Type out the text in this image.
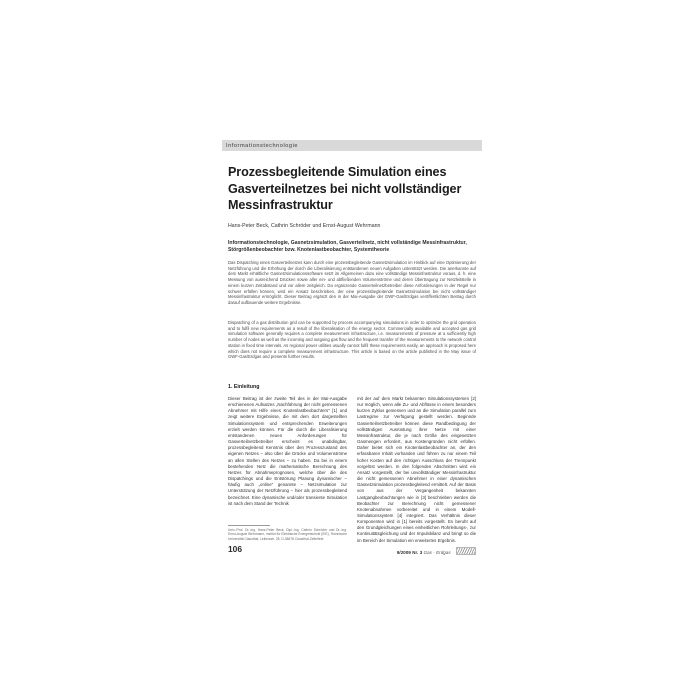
Informationstechnologie
Prozessbegleitende Simulation eines
Gasverteilnetzes bei nicht vollständiger
Messinfrastruktur
Hans-Peter Beck, Cathrin Schröder und Ernst-August Wehrmann
Informationstechnologie, Gasnetzsimulation, Gasverteilnetz, nicht vollständige Messinfrastruktur, Störgrößenbeobachter bzw. Knotenlastbeobachter, Systemtheorie
Das Dispatching eines Gasverteilnetzes kann durch eine prozessbegleitende Gasnetzsimulation im Hinblick auf eine Optimierung der Netzführung und die Erhöhung der durch die Liberalisierung entstandenen neuen Aufgaben unterstützt werden. Die anerkannte auf dem Markt erhältliche Gasnetzsimulationssoftware setzt im Allgemeinen dazu eine vollständige Messinfrastruktur voraus, d. h. eine Messung von ausreichend Drücken sowie aller ein- und abfließenden Volumenströme und deren Übertragung zur Netzleitstelle in einem kurzen Zeitabstand und vor allem zeitgleich. Da ergänzende Gasverteilnetzbetreiber diese Anforderungen in der Regel nur schwer erfüllen können, wird ein Ansatz beschrieben, der eine prozessbegleitende Gasnetzsimulation bei nicht vollständiger Messinfrastruktur ermöglicht. Dieser Beitrag ergänzt den in der Mai-Ausgabe der GWF-Gas/Erdgas veröffentlichten Beitrag durch darauf aufbauende weitere Ergebnisse.
Dispatching of a gas distribution grid can be supported by process accompanying simulations in order to optimize the grid operation and to fulfil new requirements as a result of the liberalisation of the energy sector. Commercially available and accepted gas grid simulation software generally requires a complete measurement infrastructure, i.e. measurements of pressure at a sufficiently high number of nodes as well as the incoming and outgoing gas flow and the frequent transfer of the measurements to the network control station in fixed time intervals. As regional power utilities usually cannot fulfil these requirements easily, an approach is proposed here which does not require a complete measurement infrastructure. This article is based on the article published in the May issue of GWF-Gas/Erdgas and presents further results.
1. Einleitung
Dieser Beitrag ist der zweite Teil des in der Mai-Ausgabe erschienenen Aufsatzes „Nachführung der nicht gemessenen Abnehmer mit Hilfe eines Knotenlastbeobachters" [1] und zeigt weitere Ergebnisse, die mit dem dort dargestellten Simulationssystem und entsprechenden Erweiterungen erzielt werden können. Für die durch die Liberalisierung entstandenen neuen Anforderungen für Gasverteilnetzbetreiber erscheint es unabdingbar, prozessbegleitend Kenntnis über den Prozesszustand des eigenen Netzes – also über die Drücke und Volumenströme an allen Stellen des Netzes – zu haben. Da bei in einem bestehenden Netz die mathematische Berechnung des Netzes für Abnahmeprognosen, welche über die des Dispatchings und die Entstörung Planung dynamischer – häufig auch „online" genannte – Netzsimulation zur Unterstützung der Netzführung – hier als prozessbegleitend bezeichnet. Eine dynamische und/oder transiente Simulation ist nach dem Stand der Technik
mit der auf dem Markt bekannten Simulationssystemen [2] nur möglich, wenn alle Zu- und Abflüsse in einem besonders kurzen Zyklus gemessen und an die Simulation parallel zum Lastregime zur Verfügung gestellt werden. Beginnde Gasverteilnetzbetreiber können diese Randbedingung der vollständigen Ausrüstung ihrer Netze mit einer Messinfrastruktur, die je nach Größe des eingesetzten Gasmengen erfordert, aus Kostengründen nicht erfüllen. Daher bietet sich ein Knotenlastbeobachter an, der den erfassbaren Inhalt vorhanden und führen zu nur einem Teil hoher Kosten auf den richtigen Ausschluss der Trennpunkt vorgelöst werden. In den folgenden Abschnitten wird ein Ansatz vorgestellt, der bei unvollständiger Messinfrastruktur die nicht gemessenen Abnehmer in einer dynamischen Gasnetzsimulation prozessbegleitend ermittelt. Auf der Basis von aus der Vergangenheit bekannten Lastgangbeobachtungen wie in [3] beschrieben werden die Beobachter zur Berechnung nicht gemessener Knotenabnahmen vorbereitet und in einem Modell-Simulationssystem [4] integriert. Das Verhältnis dieser Komponenten wird in [1] bereits vorgestellt. Es beruht auf den Grundgleichungen eines einheitlichen Rohrleitungs-, zur Kontinuitätsgleichung und der Impulsbilanz und bringt so die im Bereich der Simulation ein erweitertes Ergebnis.
Univ.-Prof. Dr.-Ing. Hans-Peter Beck, Dipl.-Ing. Cathrin Schröder und Dr.-Ing. Ernst-August Wehrmann, Institut für Elektrische Energietechnik (IEE), Technische Universität Clausthal, Leibnizstr. 28, D-38678 Clausthal-Zellerfeld
106	9/2009 Nr. 3 Gas · Erdgas
